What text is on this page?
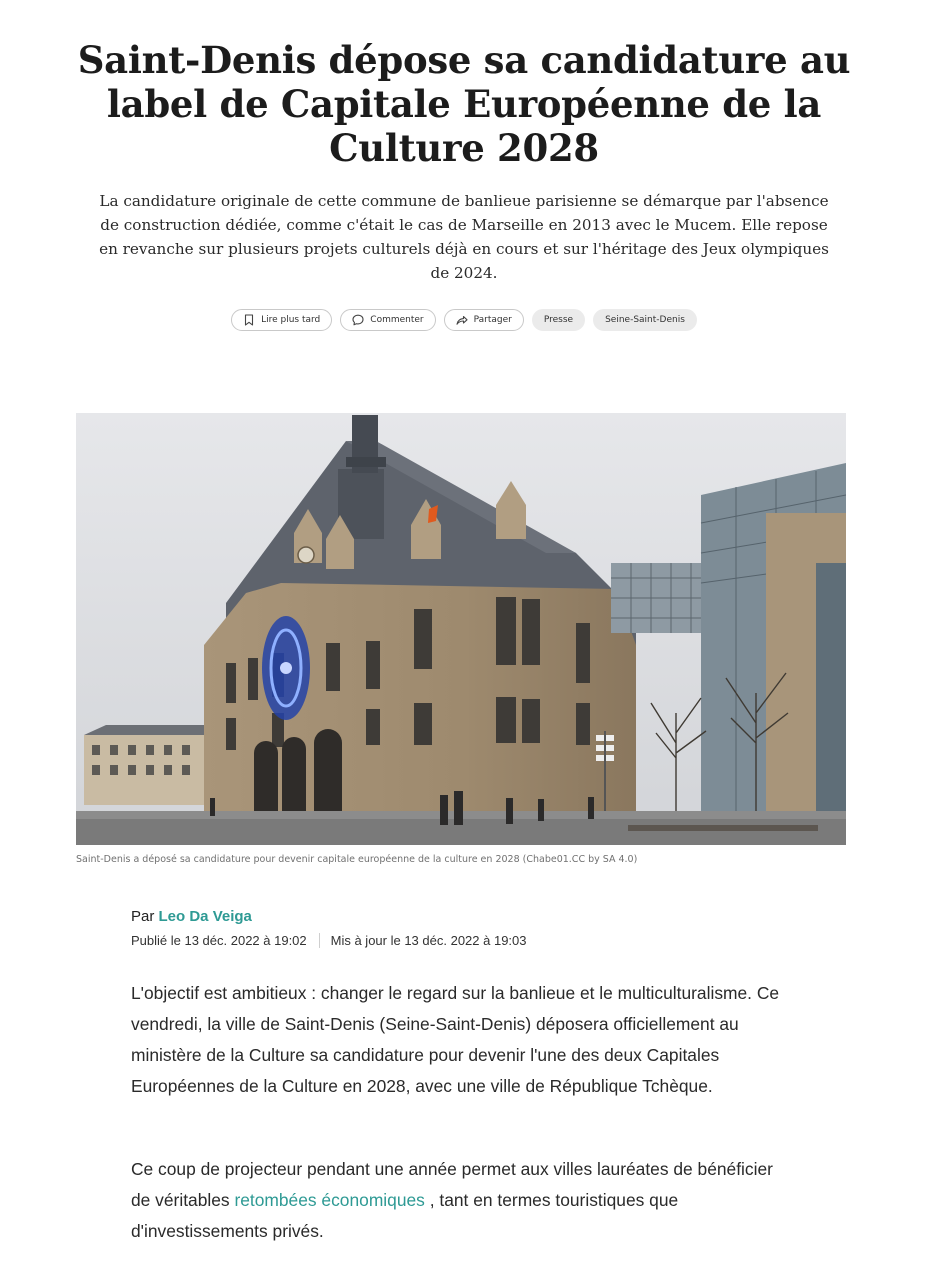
Saint-Denis dépose sa candidature au label de Capitale Européenne de la Culture 2028

La candidature originale de cette commune de banlieue parisienne se démarque par l'absence de construction dédiée, comme c'était le cas de Marseille en 2013 avec le Mucem. Elle repose en revanche sur plusieurs projets culturels déjà en cours et sur l'héritage des Jeux olympiques de 2024.

Lire plus tard	Commenter	Partager	Presse	Seine-Saint-Denis
Saint-Denis a déposé sa candidature pour devenir capitale européenne de la culture en 2028 (Chabe01.CC by SA 4.0)
Par Leo Da Veiga
Publié le 13 déc. 2022 à 19:02 Mis à jour le 13 déc. 2022 à 19:03

L'objectif est ambitieux : changer le regard sur la banlieue et le multiculturalisme. Ce vendredi, la ville de Saint-Denis (Seine-Saint-Denis) déposera officiellement au ministère de la Culture sa candidature pour devenir l'une des deux Capitales Européennes de la Culture en 2028, avec une ville de République Tchèque.

Ce coup de projecteur pendant une année permet aux villes lauréates de bénéficier de véritables retombées économiques , tant en termes touristiques que d'investissements privés.
